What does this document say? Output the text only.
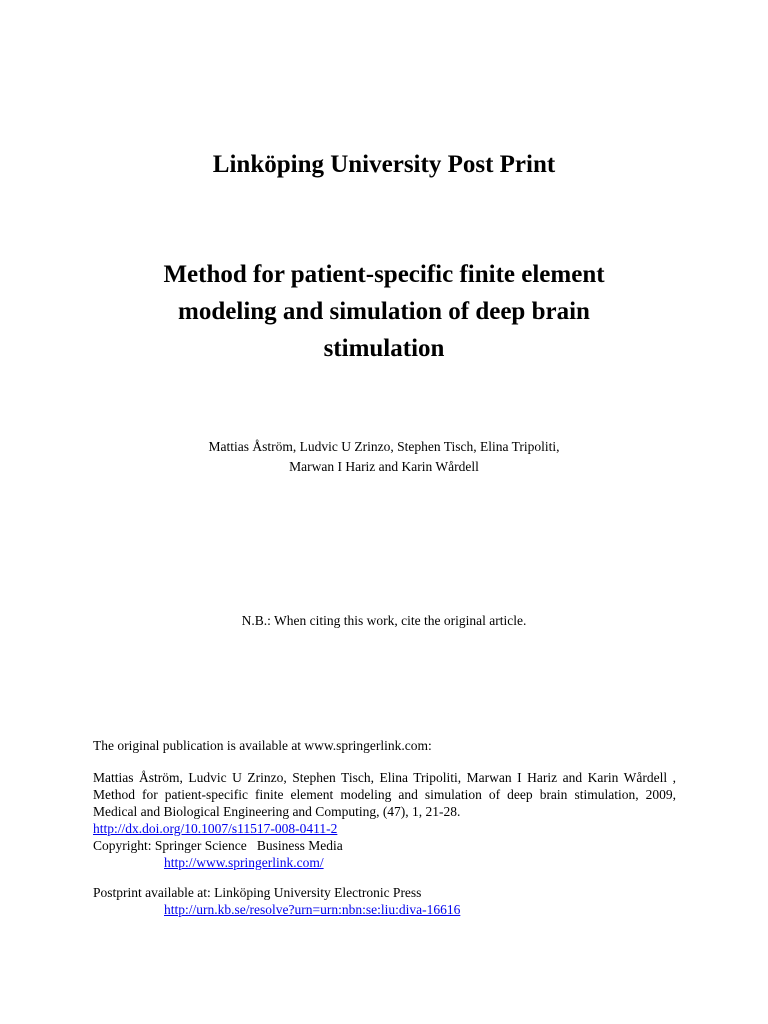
Linköping University Post Print
Method for patient-specific finite element
modeling and simulation of deep brain
stimulation
Mattias Åström, Ludvic U Zrinzo, Stephen Tisch, Elina Tripoliti,
Marwan I Hariz and Karin Wårdell
N.B.: When citing this work, cite the original article.
The original publication is available at www.springerlink.com:
Mattias Åström, Ludvic U Zrinzo, Stephen Tisch, Elina Tripoliti, Marwan I Hariz and Karin Wårdell , Method for patient-specific finite element modeling and simulation of deep brain stimulation, 2009, Medical and Biological Engineering and Computing, (47), 1, 21-28.
http://dx.doi.org/10.1007/s11517-008-0411-2
Copyright: Springer Science   Business Media
http://www.springerlink.com/
Postprint available at: Linköping University Electronic Press
http://urn.kb.se/resolve?urn=urn:nbn:se:liu:diva-16616
